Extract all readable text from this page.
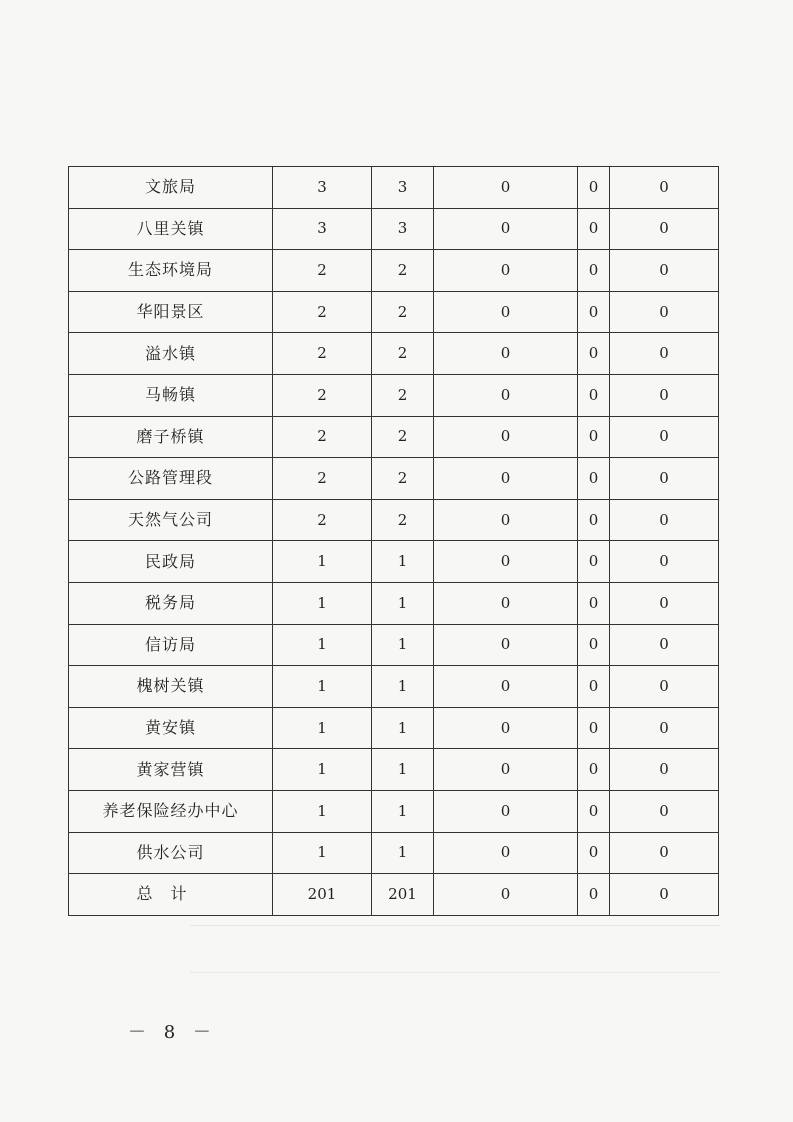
文旅局	3	3	0	0	0
八里关镇	3	3	0	0	0
生态环境局	2	2	0	0	0
华阳景区	2	2	0	0	0
溢水镇	2	2	0	0	0
马畅镇	2	2	0	0	0
磨子桥镇	2	2	0	0	0
公路管理段	2	2	0	0	0
天然气公司	2	2	0	0	0
民政局	1	1	0	0	0
税务局	1	1	0	0	0
信访局	1	1	0	0	0
槐树关镇	1	1	0	0	0
黄安镇	1	1	0	0	0
黄家营镇	1	1	0	0	0
养老保险经办中心	1	1	0	0	0
供水公司	1	1	0	0	0
总计	201	201	0	0	0
－ 8 －
